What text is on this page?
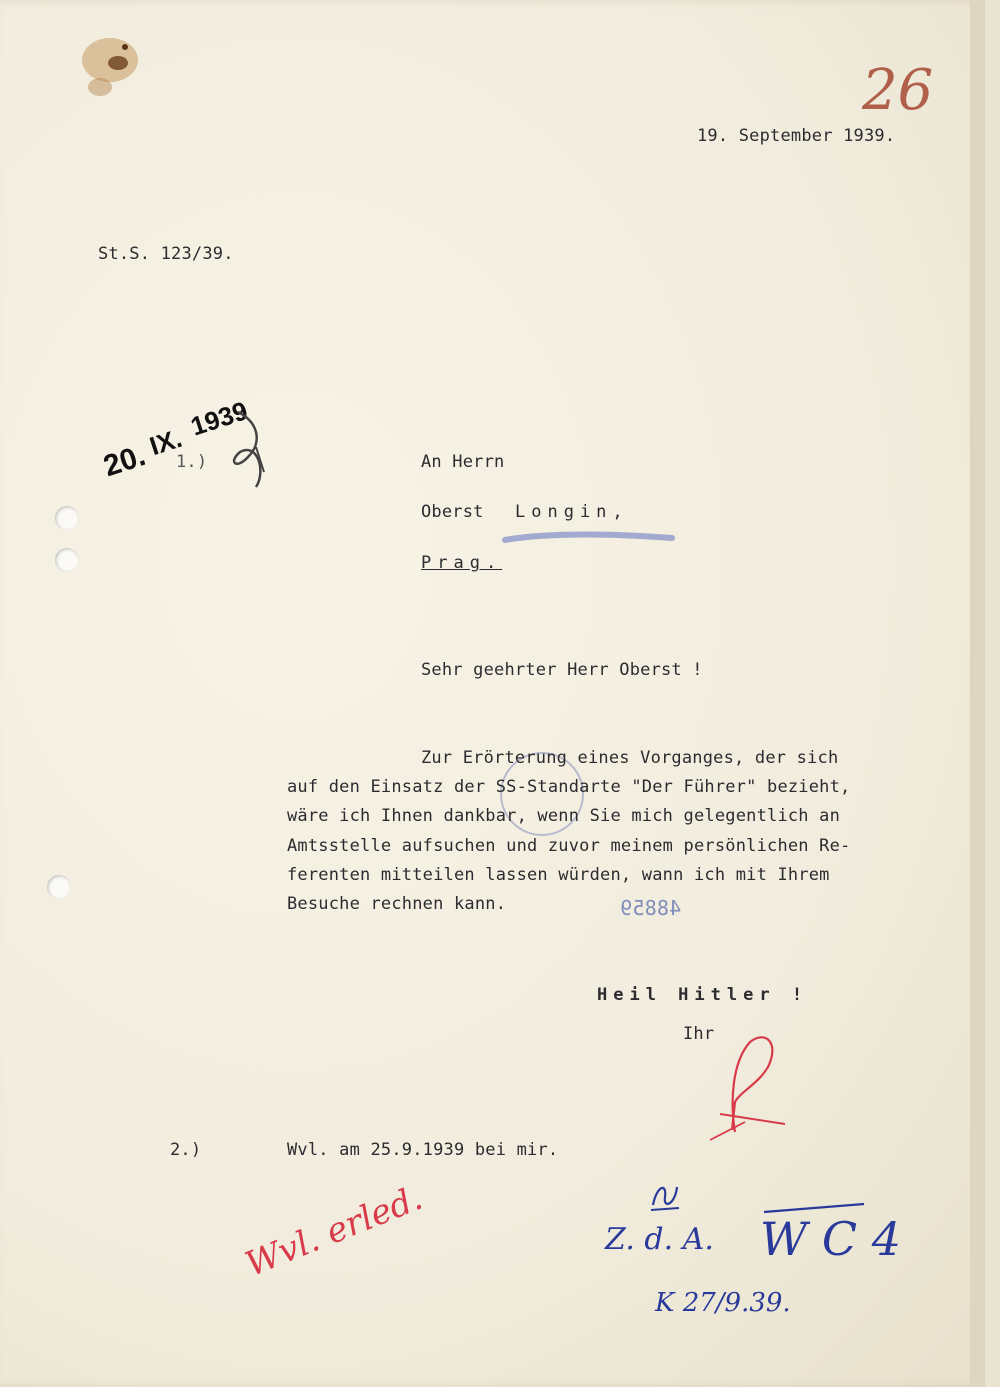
26
19. September 1939.
St.S. 123/39.
20.
IX.
1939
1.)	An Herrn
Oberst Longin,
Prag.
Sehr geehrter Herr Oberst !
Zur Erörterung eines Vorganges, der sich
auf den Einsatz der SS-Standarte "Der Führer" bezieht,
wäre ich Ihnen dankbar, wenn Sie mich gelegentlich an
Amtsstelle aufsuchen und zuvor meinem persönlichen Re-
ferenten mitteilen lassen würden, wann ich mit Ihrem
Besuche rechnen kann.	48859
Heil Hitler !
Ihr
2.)	Wvl. am 25.9.1939 bei mir.
Wvl. erled.	Z. d. A. W C 4
K 27/9.39.
